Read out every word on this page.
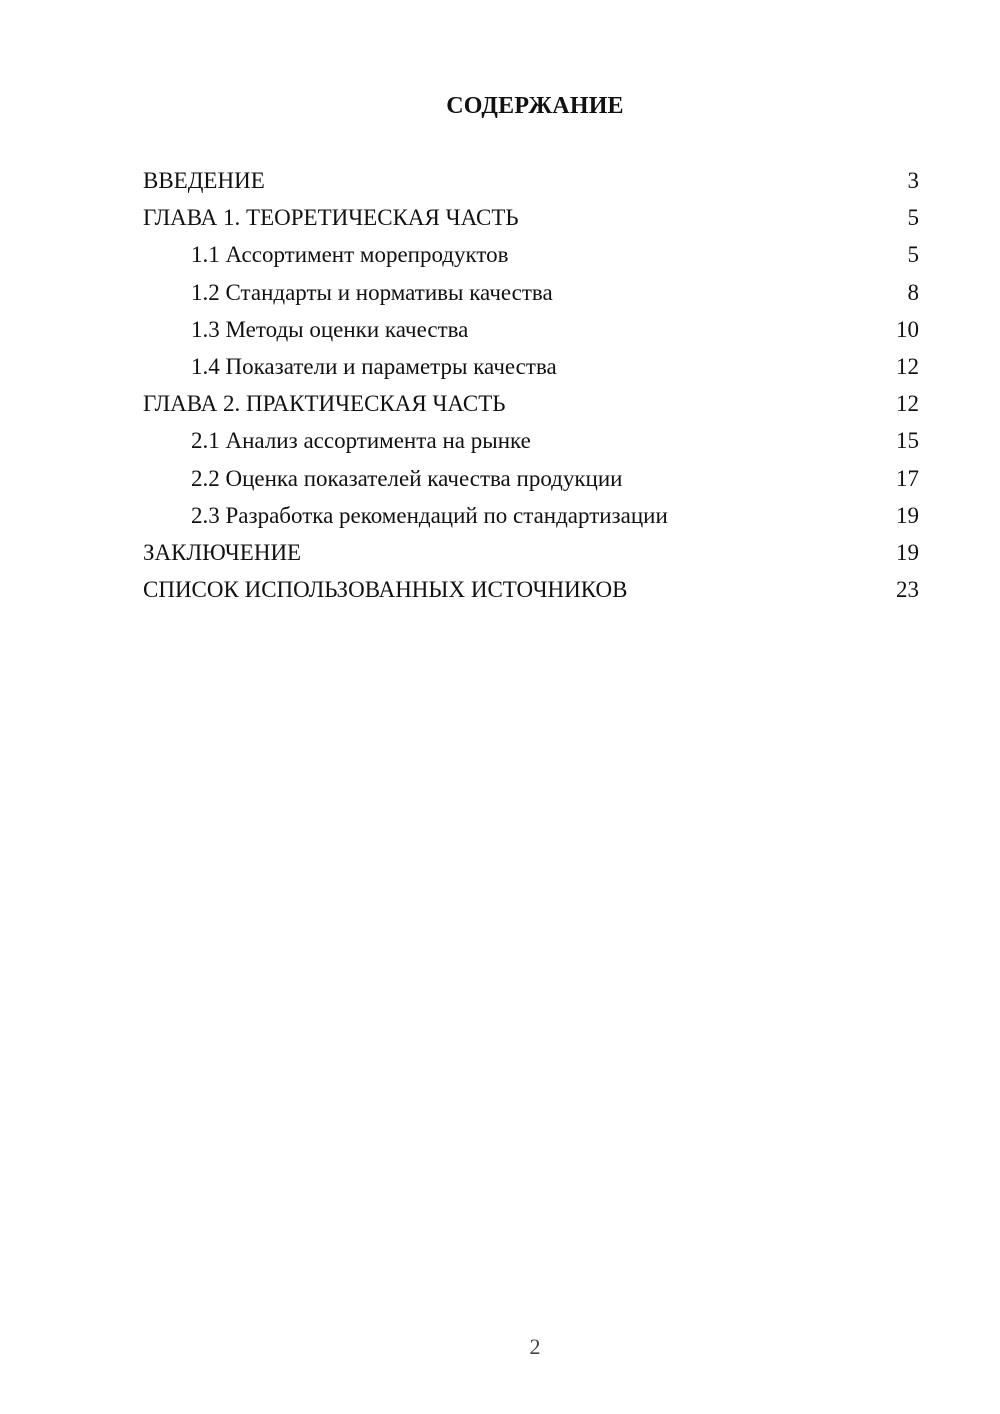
СОДЕРЖАНИЕ
ВВЕДЕНИЕ	3
ГЛАВА 1. ТЕОРЕТИЧЕСКАЯ ЧАСТЬ	5
1.1 Ассортимент морепродуктов	5
1.2 Стандарты и нормативы качества	8
1.3 Методы оценки качества	10
1.4 Показатели и параметры качества	12
ГЛАВА 2. ПРАКТИЧЕСКАЯ ЧАСТЬ	12
2.1 Анализ ассортимента на рынке	15
2.2 Оценка показателей качества продукции	17
2.3 Разработка рекомендаций по стандартизации	19
ЗАКЛЮЧЕНИЕ	19
СПИСОК ИСПОЛЬЗОВАННЫХ ИСТОЧНИКОВ	23
2
